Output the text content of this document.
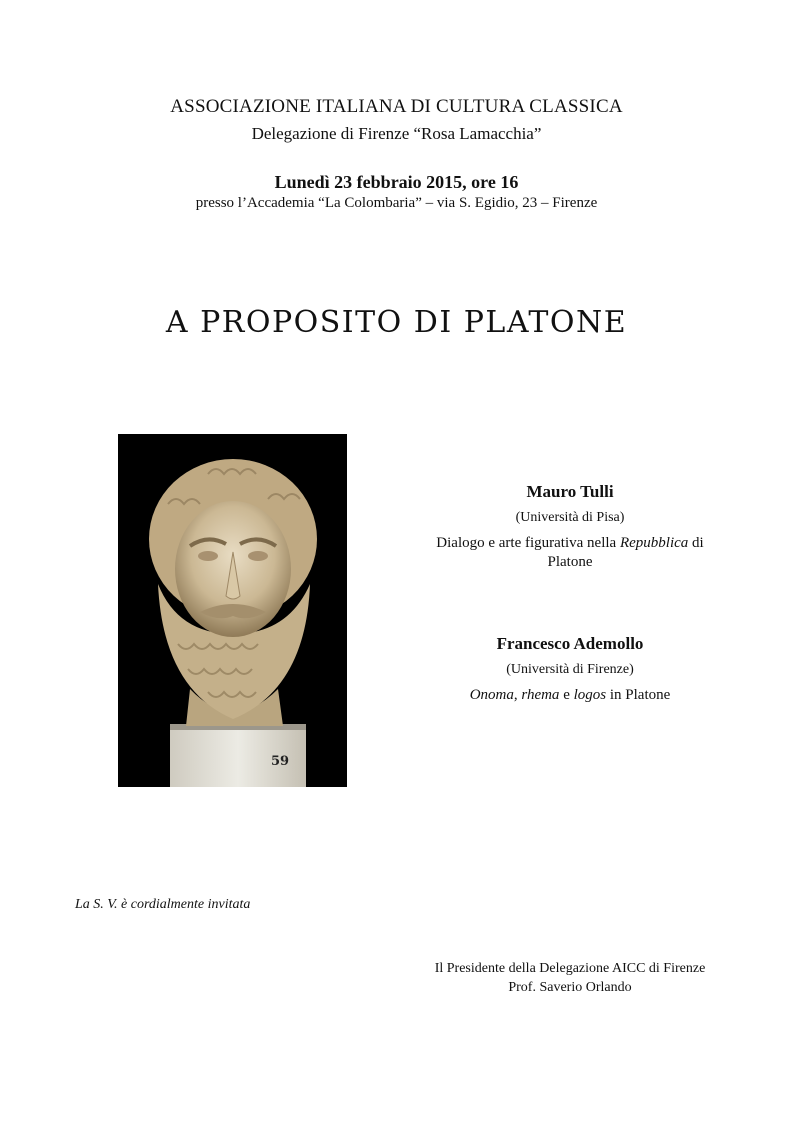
ASSOCIAZIONE ITALIANA DI CULTURA CLASSICA
Delegazione di Firenze “Rosa Lamacchia”
Lunedì 23 febbraio 2015, ore 16
presso l’Accademia “La Colombaria” – via S. Egidio, 23 – Firenze
A PROPOSITO DI PLATONE
59
Mauro Tulli
(Università di Pisa)
Dialogo e arte figurativa nella Repubblica di
Platone
Francesco Ademollo
(Università di Firenze)
Onoma, rhema e logos in Platone
La S. V. è cordialmente invitata
Il Presidente della Delegazione AICC di Firenze
Prof. Saverio Orlando
